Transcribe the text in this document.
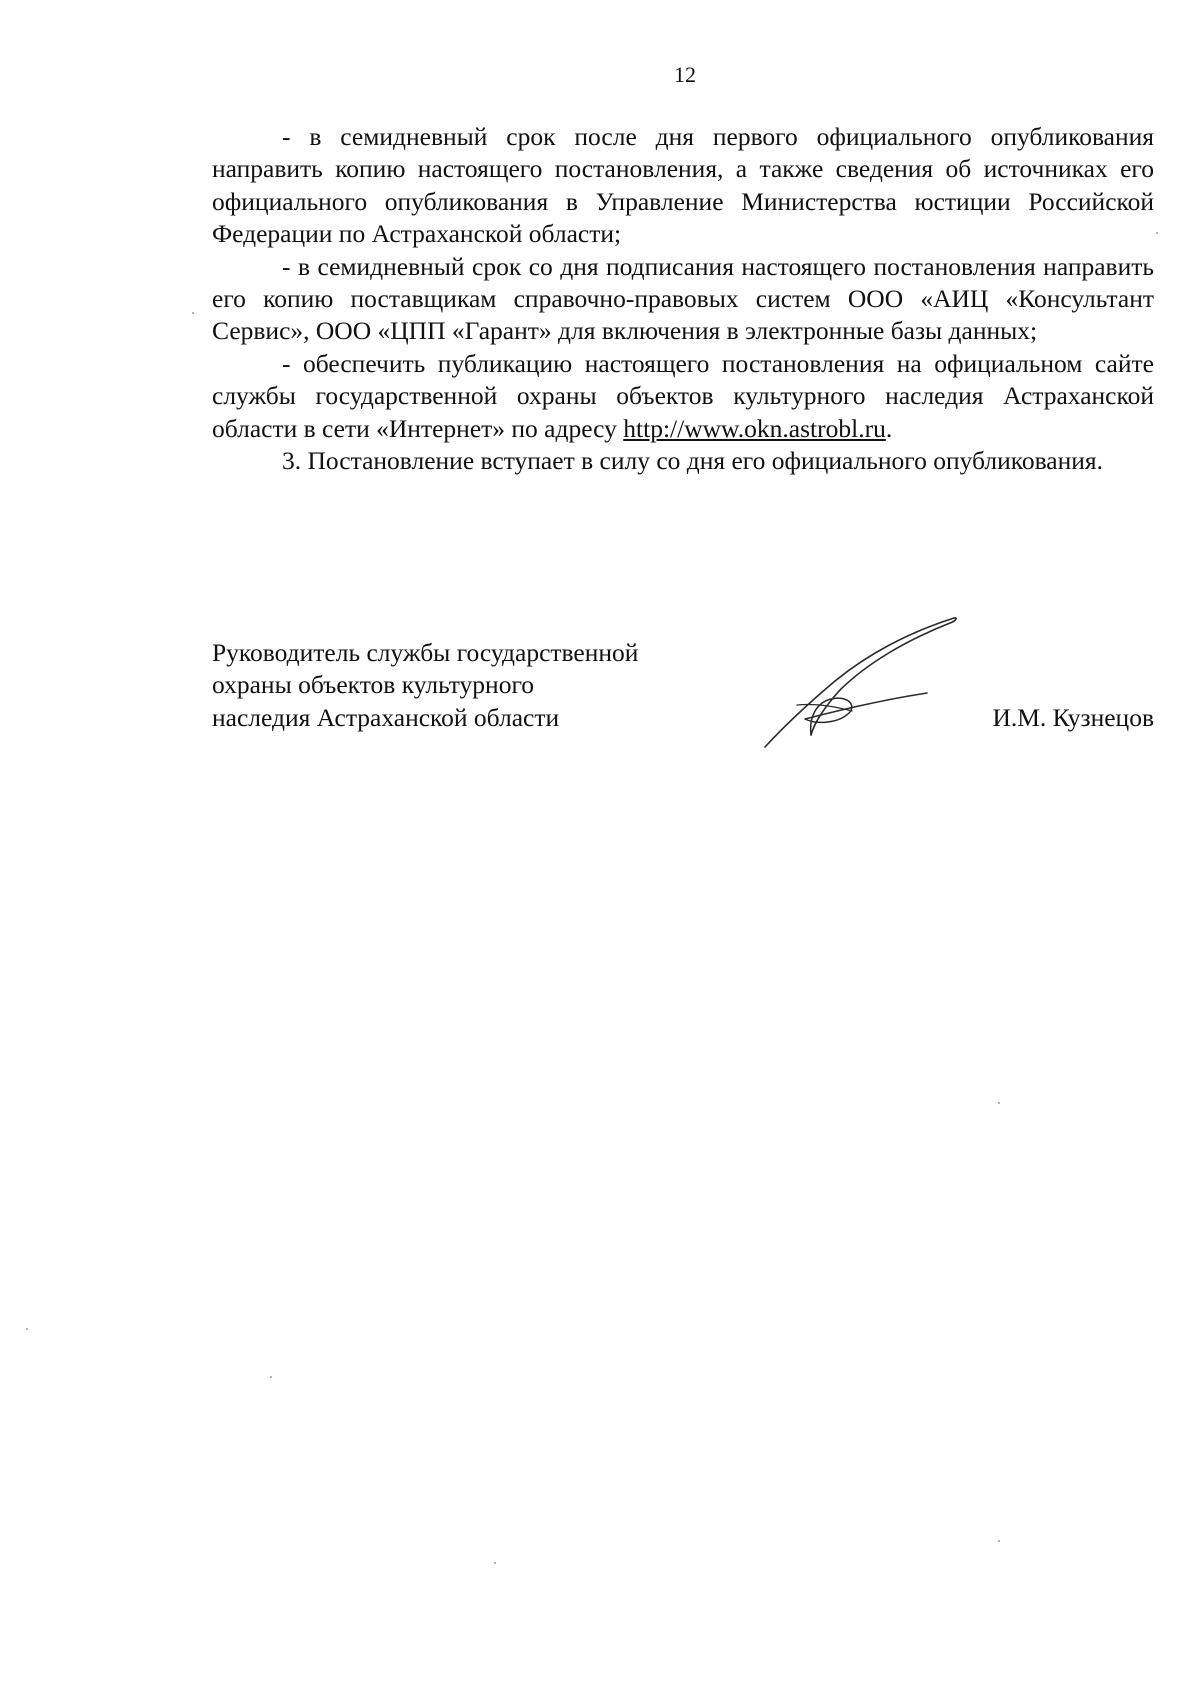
12

- в семидневный срок после дня первого официального опубликования направить копию настоящего постановления, а также сведения об источниках его официального опубликования в Управление Министерства юстиции Российской Федерации по Астраханской области;

- в семидневный срок со дня подписания настоящего постановления направить его копию поставщикам справочно-правовых систем ООО «АИЦ «Консультант Сервис», ООО «ЦПП «Гарант» для включения в электронные базы данных;

- обеспечить публикацию настоящего постановления на официальном сайте службы государственной охраны объектов культурного наследия Астраханской области в сети «Интернет» по адресу http://www.okn.astrobl.ru.

3. Постановление вступает в силу со дня его официального опубликования.

Руководитель службы государственной
охраны объектов культурного
наследия Астраханской области	И.М. Кузнецов
